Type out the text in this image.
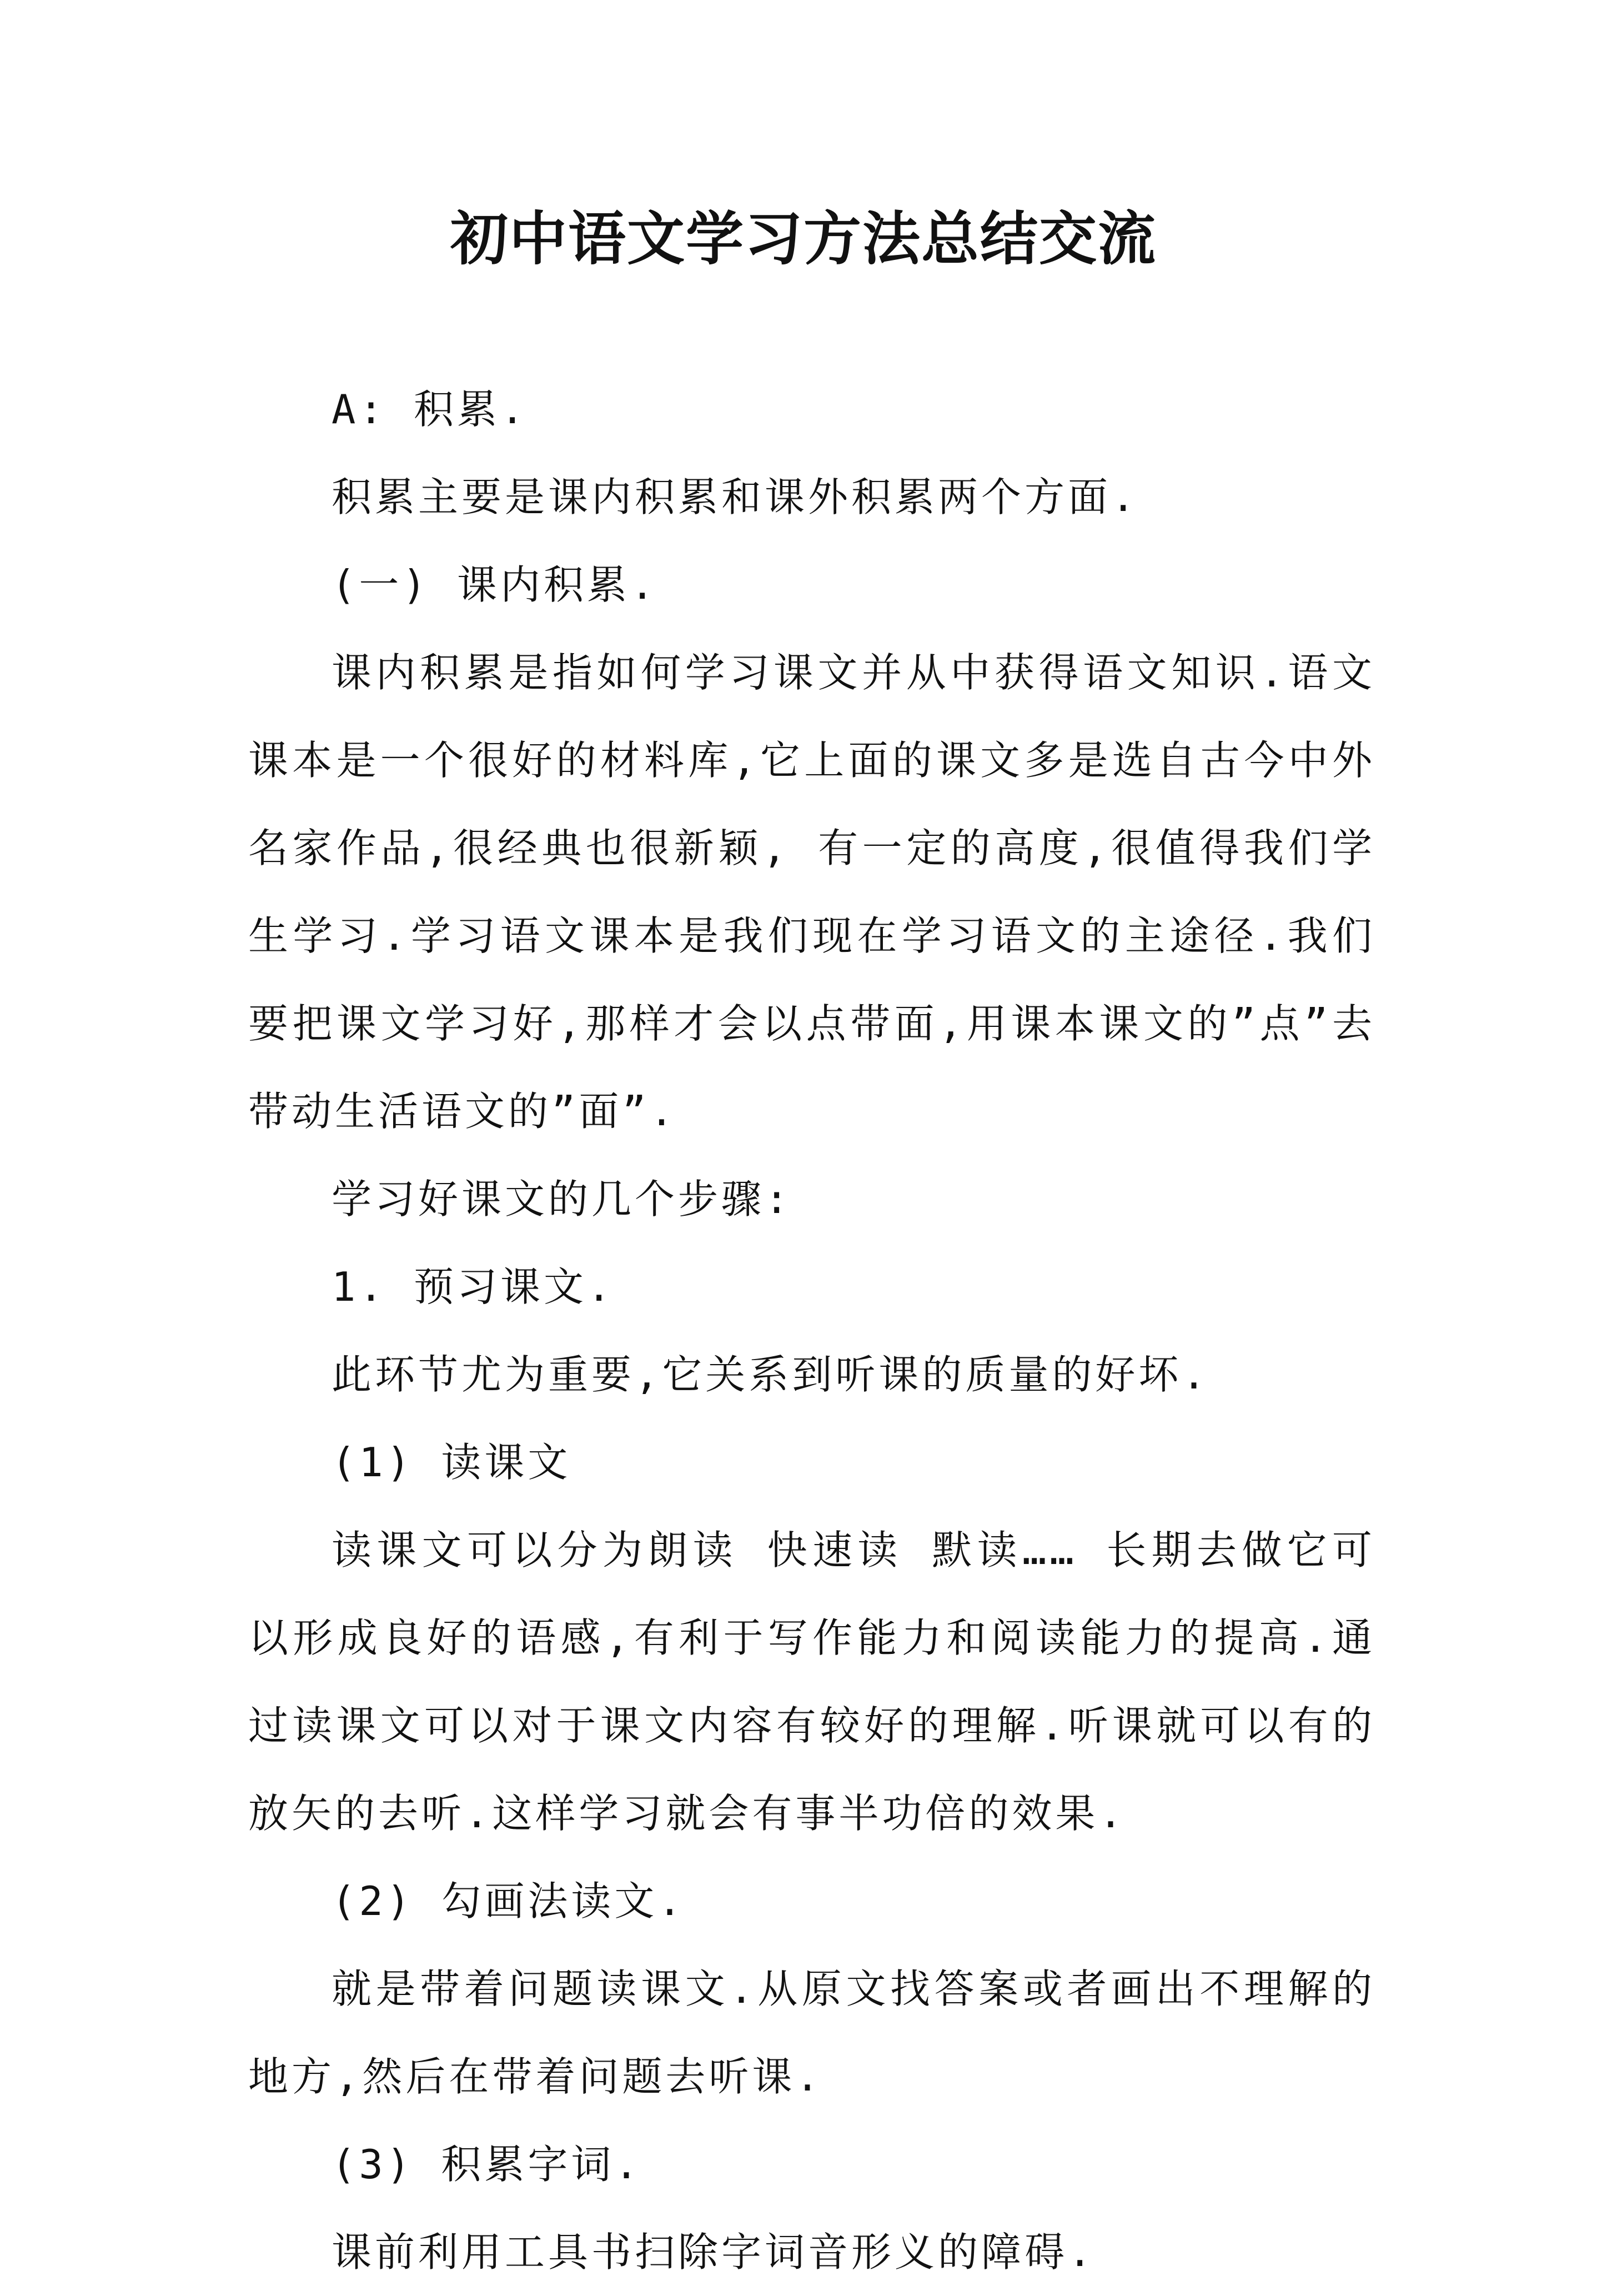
初中语文学习方法总结交流

A: 积累.

积累主要是课内积累和课外积累两个方面.

(一) 课内积累.

课内积累是指如何学习课文并从中获得语文知识.语文课本是一个很好的材料库,它上面的课文多是选自古今中外名家作品,很经典也很新颖, 有一定的高度,很值得我们学生学习.学习语文课本是我们现在学习语文的主途径.我们要把课文学习好,那样才会以点带面,用课本课文的”点”去带动生活语文的”面”.

学习好课文的几个步骤:

1. 预习课文.

此环节尤为重要,它关系到听课的质量的好坏.

(1) 读课文

读课文可以分为朗读 快速读 默读…… 长期去做它可以形成良好的语感,有利于写作能力和阅读能力的提高.通过读课文可以对于课文内容有较好的理解.听课就可以有的放矢的去听.这样学习就会有事半功倍的效果.

(2) 勾画法读文.

就是带着问题读课文.从原文找答案或者画出不理解的地方,然后在带着问题去听课.

(3) 积累字词.

课前利用工具书扫除字词音形义的障碍.
